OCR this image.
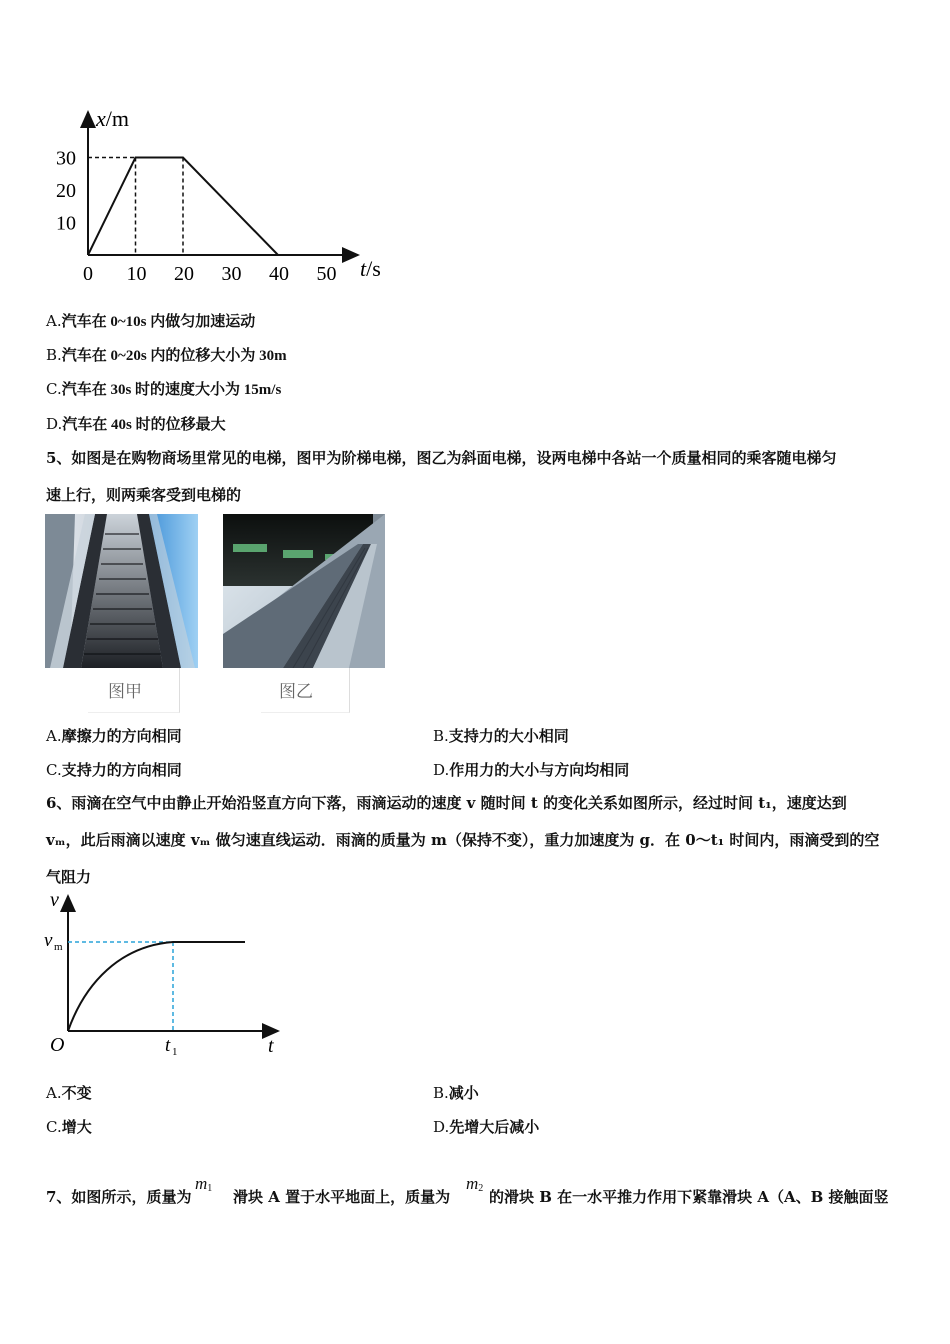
0 10 20 30 40 50
10
20
30
x/m
t/s
A.汽车在 0~10s 内做匀加速运动
B.汽车在 0~20s 内的位移大小为 30m
C.汽车在 30s 时的速度大小为 15m/s
D.汽车在 40s 时的位移最大
5、如图是在购物商场里常见的电梯，图甲为阶梯电梯，图乙为斜面电梯，设两电梯中各站一个质量相同的乘客随电梯匀
速上行，则两乘客受到电梯的
图甲	图乙
A.摩擦力的方向相同	B.支持力的大小相同
C.支持力的方向相同	D.作用力的大小与方向均相同
6、雨滴在空气中由静止开始沿竖直方向下落，雨滴运动的速度 v 随时间 t 的变化关系如图所示，经过时间 t₁，速度达到
vₘ，此后雨滴以速度 vₘ 做匀速直线运动．雨滴的质量为 m（保持不变），重力加速度为 g．在 0～t₁ 时间内，雨滴受到的空
气阻力
v
t
O	t 1
v m
A.不变	B.减小
C.增大	D.先增大后减小
7、如图所示，质量为
m1 滑块 A 置于水平地面上，质量为
m2 的滑块 B 在一水平推力作用下紧靠滑块 A（A、B 接触面竖
